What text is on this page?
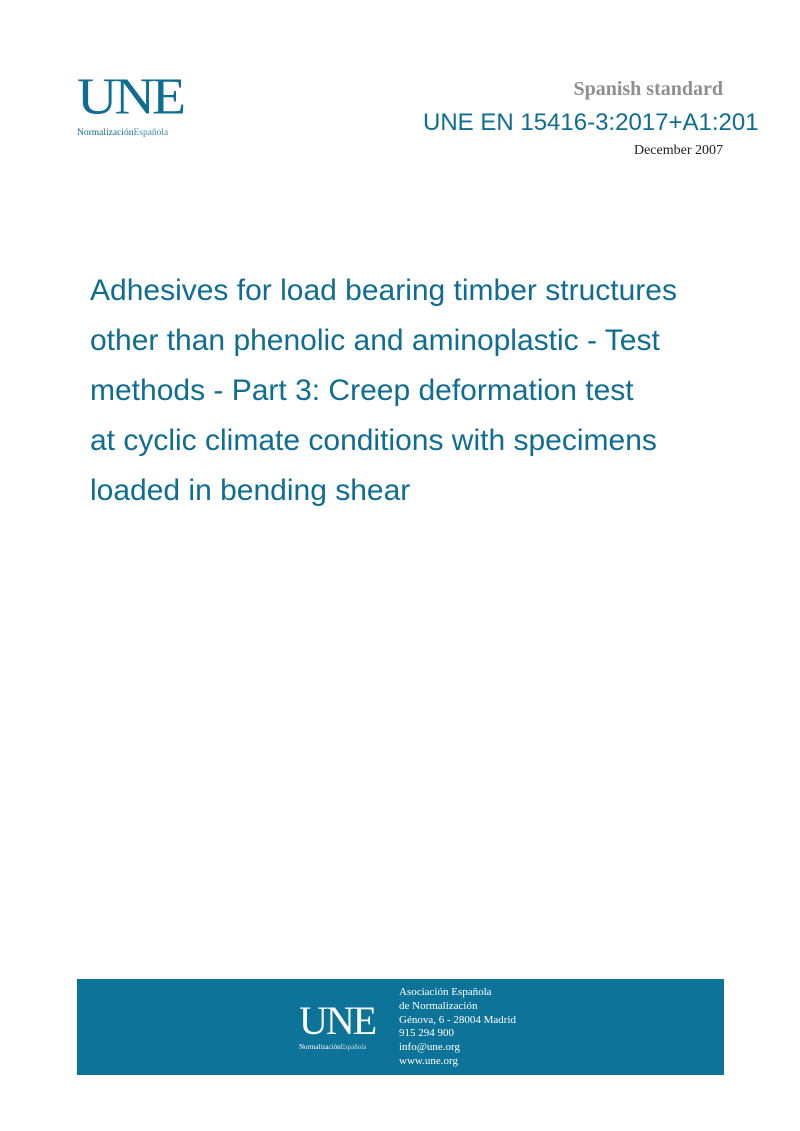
UNE
NormalizaciónEspañola
Spanish standard
UNE EN 15416-3:2017+A1:201
December 2007
Adhesives for load bearing timber structures
other than phenolic and aminoplastic - Test
methods - Part 3: Creep deformation test
at cyclic climate conditions with specimens
loaded in bending shear
UNE
NormalizaciónEspañola
Asociación Española
de Normalización
Génova, 6 - 28004 Madrid
915 294 900
info@une.org
www.une.org
